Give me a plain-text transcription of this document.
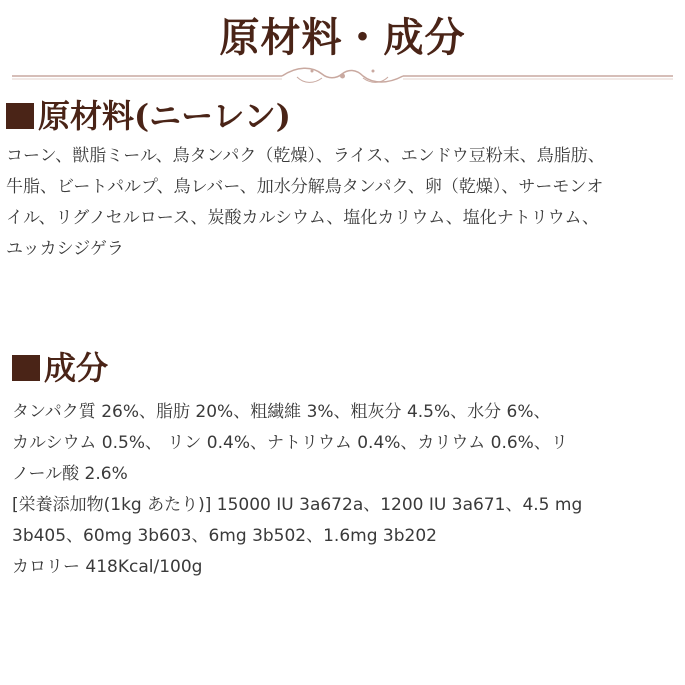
原材料・成分
原材料(ニーレン)
コーン、獣脂ミール、鳥タンパク（乾燥）、ライス、エンドウ豆粉末、鳥脂肪、
牛脂、ビートパルプ、鳥レバー、加水分解鳥タンパク、卵（乾燥）、サーモンオ
イル、リグノセルロース、炭酸カルシウム、塩化カリウム、塩化ナトリウム、
ユッカシジゲラ
成分
タンパク質 26%、脂肪 20%、粗繊維 3%、粗灰分 4.5%、水分 6%、
カルシウム 0.5%、 リン 0.4%、ナトリウム 0.4%、カリウム 0.6%、リ
ノール酸 2.6%
[栄養添加物(1kg あたり)] 15000 IU 3a672a、1200 IU 3a671、4.5 mg
3b405、60mg 3b603、6mg 3b502、1.6mg 3b202
カロリー 418Kcal/100g
